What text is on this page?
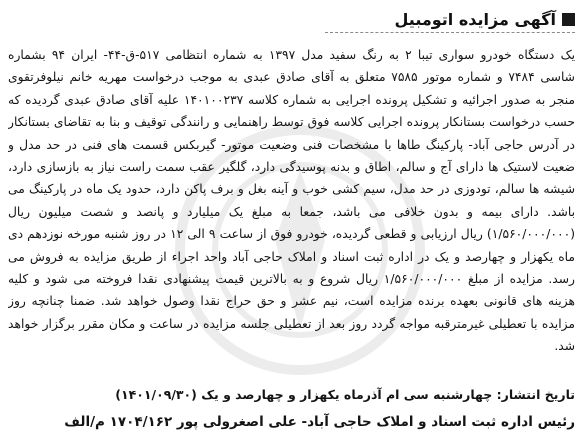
آگهی مزایده اتومبیل
یک دستگاه خودرو سواری تیبا ۲ به رنگ سفید مدل ۱۳۹۷ به شماره انتظامی ۵۱۷-ق-۴۴- ایران ۹۴ بشماره شاسی ۷۴۸۴ و شماره موتور ۷۵۸۵ متعلق به آقای صادق عبدی به موجب درخواست مهریه خانم نیلوفرتقوی منجر به صدور اجرائیه و تشکیل پرونده اجرایی به شماره کلاسه ۱۴۰۱۰۰۲۳۷ علیه آقای صادق عبدی گردیده که حسب درخواست بستانکار پرونده اجرایی کلاسه فوق توسط راهنمایی و رانندگی توقیف و بنا به تقاضای بستانکار در آدرس حاجی آباد- پارکینگ طاها با مشخصات فنی وضعیت موتور- گیربکس قسمت های فنی در حد مدل و ضعیت لاستیک ها دارای آج و سالم، اطاق و بدنه پوسیدگی دارد، گلگیر عقب سمت راست نیاز به بازسازی دارد، شیشه ها سالم، تودوزی در حد مدل، سیم کشی خوب و آینه بغل و برف پاکن دارد، حدود یک ماه در پارکینگ می باشد. دارای بیمه و بدون خلافی می باشد، جمعا به مبلغ یک میلیارد و پانصد و شصت میلیون ریال (۱/۵۶۰/۰۰۰/۰۰۰) ریال ارزیابی و قطعی گردیده، خودرو فوق از ساعت ۹ الی ۱۲ در روز شنبه مورخه نوزدهم دی ماه یکهزار و چهارصد و یک در اداره ثبت اسناد و املاک حاجی آباد واحد اجراء از طریق مزایده به فروش می رسد. مزایده از مبلغ ۱/۵۶۰/۰۰۰/۰۰۰ ریال شروع و به بالاترین قیمت پیشنهادی نقدا فروخته می شود و کلیه هزینه های قانونی بعهده برنده مزایده است، نیم عشر و حق حراج نقدا وصول خواهد شد. ضمنا چنانچه روز مزایده با تعطیلی غیرمترقبه مواجه گردد روز بعد از تعطیلی جلسه مزایده در ساعت و مکان مقرر برگزار خواهد شد.
تاریخ انتشار: چهارشنبه سی ام آذرماه یکهزار و چهارصد و یک (۱۴۰۱/۰۹/۳۰)
رئیس اداره ثبت اسناد و املاک حاجی آباد- علی اصغرولی پور ۱۷۰۴/۱۶۲ م/الف
